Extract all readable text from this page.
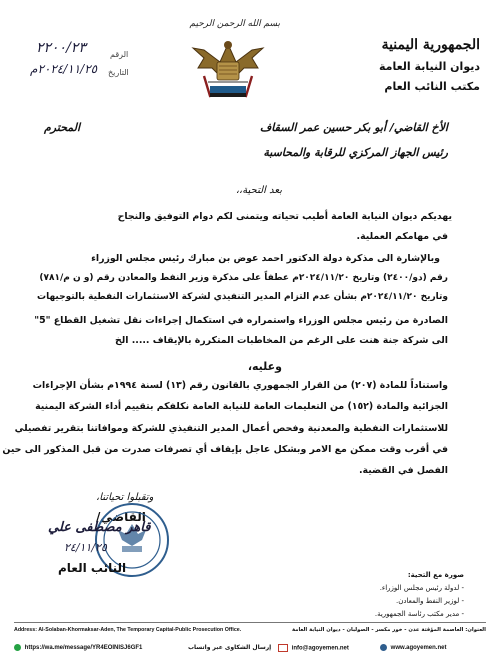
الجمهورية اليمنية
ديوان النيابة العامة
مكتب النائب العام
بسم الله الرحمن الرحيم
الرقم
٢٢٠٠/٢٣
التاريخ
٢٠٢٤/١١/٢٥م
الأخ القاضي/ أبو بكر حسين عمر السقاف
المحترم
رئيس الجهاز المركزي للرقابة والمحاسبة
بعد التحية،،
يهديكم ديوان النيابة العامة أطيب تحياته ويتمنى لكم دوام التوفيق والنجاح
في مهامكم العملية.
وبالإشارة الى مذكرة دولة الدكتور احمد عوض بن مبارك رئيس مجلس الوزراء
رقم (دو/٢٤٠٠) وتاريخ ٢٠٢٤/١١/٢٠م عطفاً على مذكرة وزير النفط والمعادن رقم (و ن م/٧٨١)
وتاريخ ٢٠٢٤/١١/٢٠م بشأن عدم التزام المدير التنفيذي لشركة الاستثمارات النفطية بالتوجيهات
الصادرة من رئيس مجلس الوزراء واستمراره في استكمال إجراءات نقل تشغيل القطاع "5"
الى شركة جنة هنت على الرغم من المخاطبات المتكررة بالإيقاف ..... الخ
وعليه،
واستناداً للمادة (٢٠٧) من القرار الجمهوري بالقانون رقم (١٣) لسنة ١٩٩٤م بشأن الإجراءات
الجزائية والمادة (١٥٢) من التعليمات العامة للنيابة العامة نكلفكم بتقييم أداء الشركة اليمنية
للاستثمارات النفطية والمعدنية وفحص أعمال المدير التنفيذي للشركة وموافاتنا بتقرير تفصيلي
في أقرب وقت ممكن مع الامر وبشكل عاجل بإيقاف أي تصرفات صدرت من قبل المذكور الى حين
الفصل في القضية.
وتقبلوا تحياتنا،
القاضي/
قاهر مصطفى علي
٢٤/١١/٢٥
النائب العام	صورة مع التحية:
- لدولة رئيس مجلس الوزراء.
- لوزير النفط والمعادن.
- مدير مكتب رئاسة الجمهورية.
Address: Al-Solaban-Khormaksar-Aden, The Temporary Capital-Public Prosecution Office.	العنوان: العاصمة المؤقتة عدن - خور مكسر - الصولبان - ديوان النيابة العامة
https://wa.me/message/YR4EOINISJ6GF1	إرسال الشكاوى عبر واتساب	info@agoyemen.net	www.agoyemen.net
